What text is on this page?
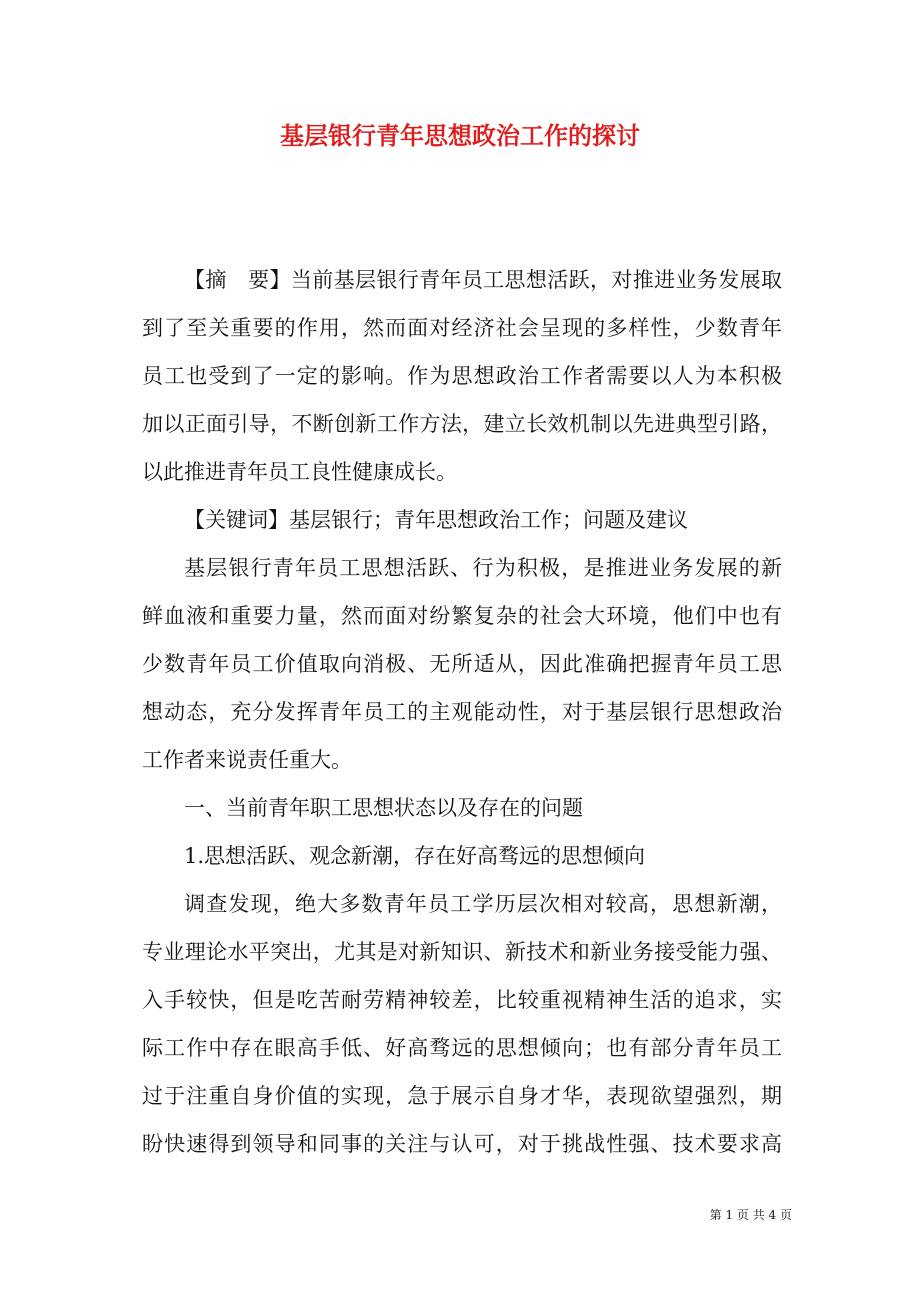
基层银行青年思想政治工作的探讨
【摘　要】当前基层银行青年员工思想活跃，对推进业务发展取
到了至关重要的作用，然而面对经济社会呈现的多样性，少数青年
员工也受到了一定的影响。作为思想政治工作者需要以人为本积极
加以正面引导，不断创新工作方法，建立长效机制以先进典型引路，
以此推进青年员工良性健康成长。
【关键词】基层银行；青年思想政治工作；问题及建议
基层银行青年员工思想活跃、行为积极，是推进业务发展的新
鲜血液和重要力量，然而面对纷繁复杂的社会大环境，他们中也有
少数青年员工价值取向消极、无所适从，因此准确把握青年员工思
想动态，充分发挥青年员工的主观能动性，对于基层银行思想政治
工作者来说责任重大。
一、当前青年职工思想状态以及存在的问题
1.思想活跃、观念新潮，存在好高骛远的思想倾向
调查发现，绝大多数青年员工学历层次相对较高，思想新潮，
专业理论水平突出，尤其是对新知识、新技术和新业务接受能力强、
入手较快，但是吃苦耐劳精神较差，比较重视精神生活的追求，实
际工作中存在眼高手低、好高骛远的思想倾向；也有部分青年员工
过于注重自身价值的实现，急于展示自身才华，表现欲望强烈，期
盼快速得到领导和同事的关注与认可，对于挑战性强、技术要求高
第 1 页 共 4 页
